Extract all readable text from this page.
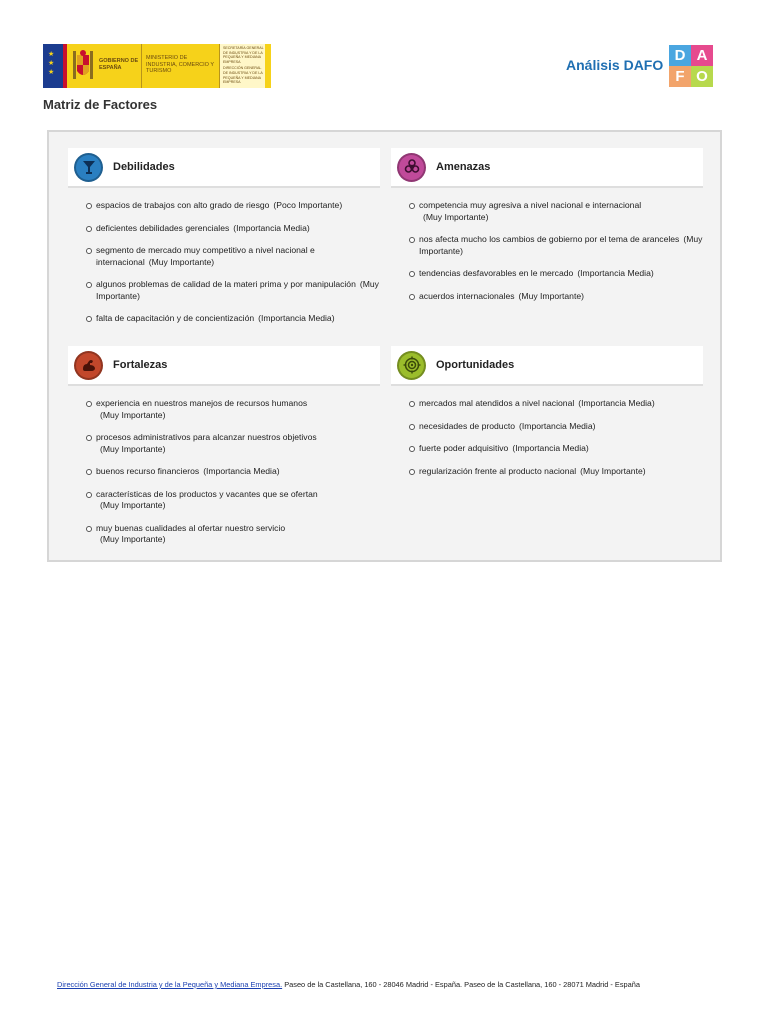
★
★
★
GOBIERNO DE ESPAÑA
MINISTERIO DE INDUSTRIA, COMERCIO Y TURISMO
SECRETARÍA GENERAL DE INDUSTRIA Y DE LA PEQUEÑA Y MEDIANA EMPRESA
DIRECCIÓN GENERAL DE INDUSTRIA Y DE LA PEQUEÑA Y MEDIANA EMPRESA
Análisis DAFO
D A
F O
Matriz de Factores
Debilidades
espacios de trabajos con alto grado de riesgo (Poco Importante)
deficientes debilidades gerenciales (Importancia Media)
segmento de mercado muy competitivo a nivel nacional e internacional (Muy Importante)
algunos problemas de calidad de la materi prima y por manipulación (Muy Importante)
falta de capacitación y de concientización (Importancia Media)
Amenazas
competencia muy agresiva a nivel nacional e internacional
(Muy Importante)
nos afecta mucho los cambios de gobierno por el tema de aranceles (Muy Importante)
tendencias desfavorables en le mercado (Importancia Media)
acuerdos internacionales (Muy Importante)
Fortalezas
experiencia en nuestros manejos de recursos humanos
(Muy Importante)
procesos administrativos para alcanzar nuestros objetivos
(Muy Importante)
buenos recurso financieros (Importancia Media)
características de los productos y vacantes que se ofertan
(Muy Importante)
muy buenas cualidades al ofertar nuestro servicio
(Muy Importante)
Oportunidades
mercados mal atendidos a nivel nacional (Importancia Media)
necesidades de producto (Importancia Media)
fuerte poder adquisitivo (Importancia Media)
regularización frente al producto nacional (Muy Importante)
Dirección General de Industria y de la Pequeña y Mediana Empresa. Paseo de la Castellana, 160 - 28046 Madrid - España. Paseo de la Castellana, 160 - 28071 Madrid - España
